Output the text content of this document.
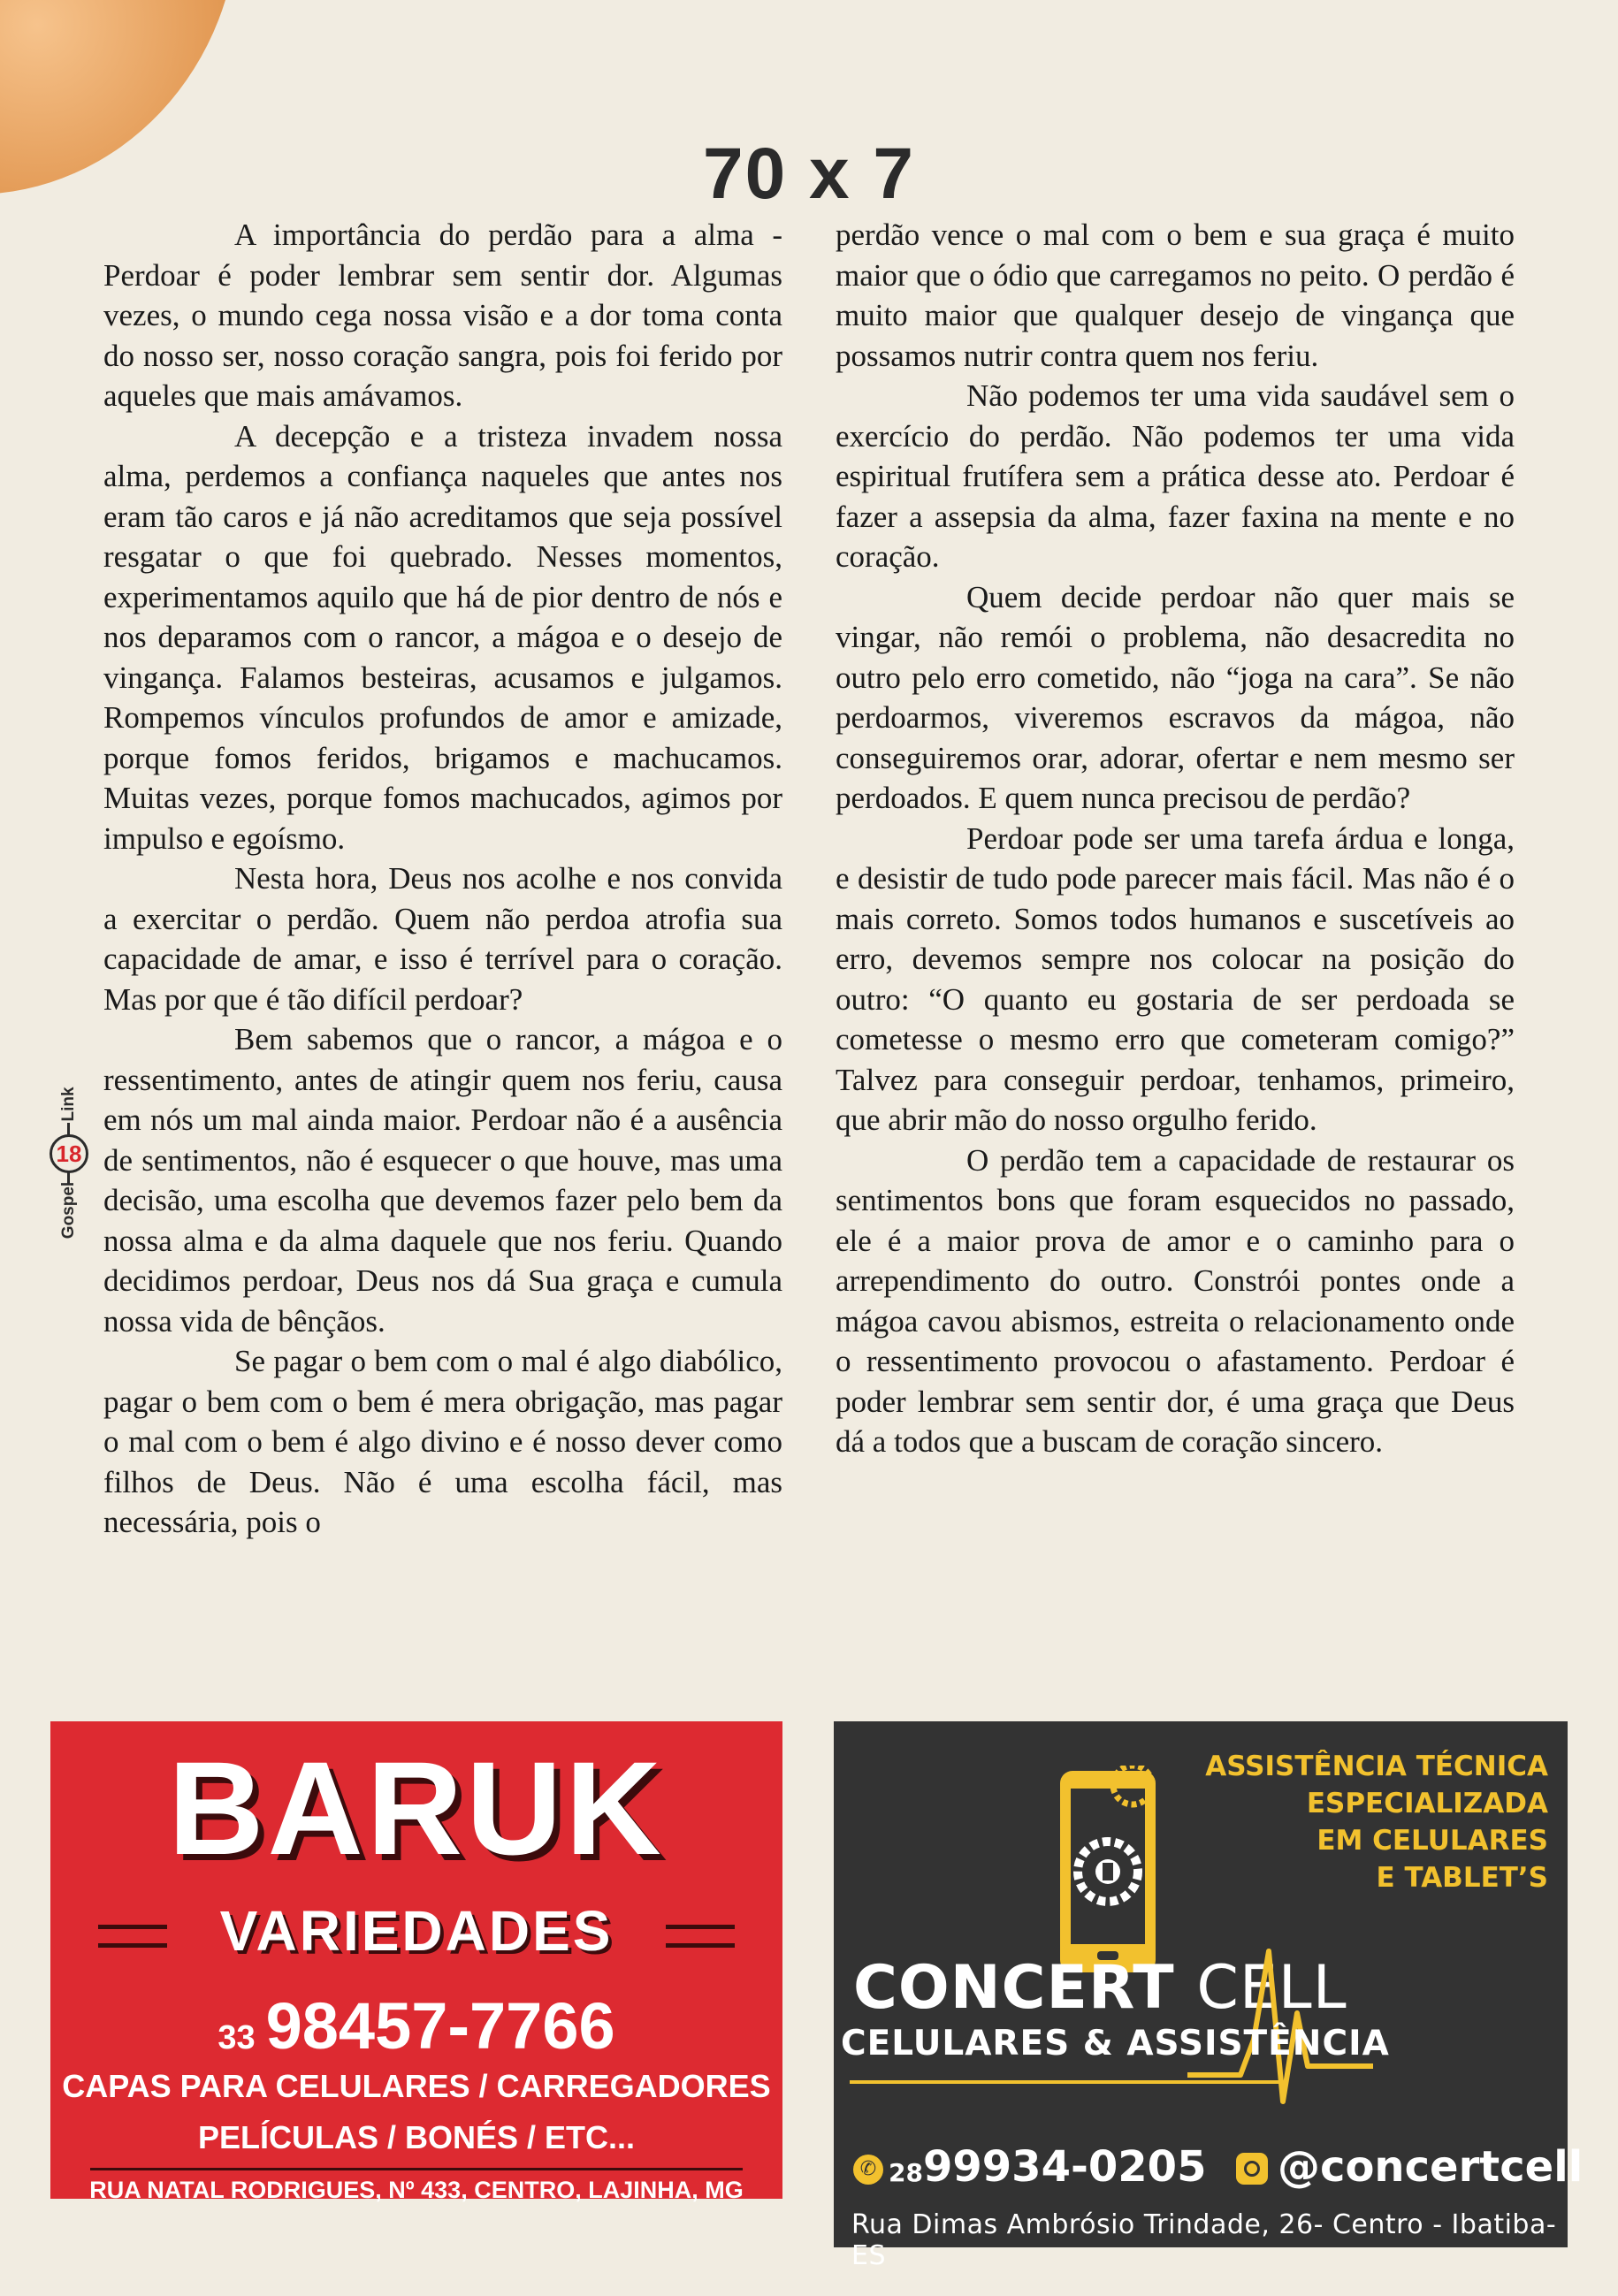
70 x 7

A importância do perdão para a alma - Perdoar é poder lembrar sem sentir dor. Algumas vezes, o mundo cega nossa visão e a dor toma conta do nosso ser, nosso coração sangra, pois foi ferido por aqueles que mais amávamos.

A decepção e a tristeza invadem nossa alma, perdemos a confiança naqueles que antes nos eram tão caros e já não acreditamos que seja possível resgatar o que foi quebrado. Nesses momentos, experimentamos aquilo que há de pior dentro de nós e nos deparamos com o rancor, a mágoa e o desejo de vingança. Falamos besteiras, acusamos e julgamos. Rompemos vínculos profundos de amor e amizade, porque fomos feridos, brigamos e machucamos. Muitas vezes, porque fomos machucados, agimos por impulso e egoísmo.

Nesta hora, Deus nos acolhe e nos convida a exercitar o perdão. Quem não perdoa atrofia sua capacidade de amar, e isso é terrível para o coração. Mas por que é tão difícil perdoar?

Bem sabemos que o rancor, a mágoa e o ressentimento, antes de atingir quem nos feriu, causa em nós um mal ainda maior. Perdoar não é a ausência de sentimentos, não é esquecer o que houve, mas uma decisão, uma escolha que devemos fazer pelo bem da nossa alma e da alma daquele que nos feriu. Quando decidimos perdoar, Deus nos dá Sua graça e cumula nossa vida de bênçãos.

Se pagar o bem com o mal é algo diabólico, pagar o bem com o bem é mera obrigação, mas pagar o mal com o bem é algo divino e é nosso dever como filhos de Deus. Não é uma escolha fácil, mas necessária, pois o

perdão vence o mal com o bem e sua graça é muito maior que o ódio que carregamos no peito. O perdão é muito maior que qualquer desejo de vingança que possamos nutrir contra quem nos feriu.

Não podemos ter uma vida saudável sem o exercício do perdão. Não podemos ter uma vida espiritual frutífera sem a prática desse ato. Perdoar é fazer a assepsia da alma, fazer faxina na mente e no coração.

Quem decide perdoar não quer mais se vingar, não remói o problema, não desacredita no outro pelo erro cometido, não “joga na cara”. Se não perdoarmos, viveremos escravos da mágoa, não conseguiremos orar, adorar, ofertar e nem mesmo ser perdoados. E quem nunca precisou de perdão?

Perdoar pode ser uma tarefa árdua e longa, e desistir de tudo pode parecer mais fácil. Mas não é o mais correto. Somos todos humanos e suscetíveis ao erro, devemos sempre nos colocar na posição do outro: “O quanto eu gostaria de ser perdoada se cometesse o mesmo erro que cometeram comigo?” Talvez para conseguir perdoar, tenhamos, primeiro, que abrir mão do nosso orgulho ferido.

O perdão tem a capacidade de restaurar os sentimentos bons que foram esquecidos no passado, ele é a maior prova de amor e o caminho para o arrependimento do outro. Constrói pontes onde a mágoa cavou abismos, estreita o relacionamento onde o ressentimento provocou o afastamento. Perdoar é poder lembrar sem sentir dor, é uma graça que Deus dá a todos que a buscam de coração sincero.

Link
18
Gospel
BARUK
VARIEDADES
33 98457-7766
CAPAS PARA CELULARES / CARREGADORES
PELÍCULAS / BONÉS / ETC...
RUA NATAL RODRIGUES, Nº 433, CENTRO, LAJINHA, MG
ASSISTÊNCIA TÉCNICA
ESPECIALIZADA
EM CELULARES
E TABLET’S
CONCERT CELL
CELULARES & ASSISTÊNCIA
✆ 2899934-0205 @concertcell
Rua Dimas Ambrósio Trindade, 26- Centro - Ibatiba-ES
